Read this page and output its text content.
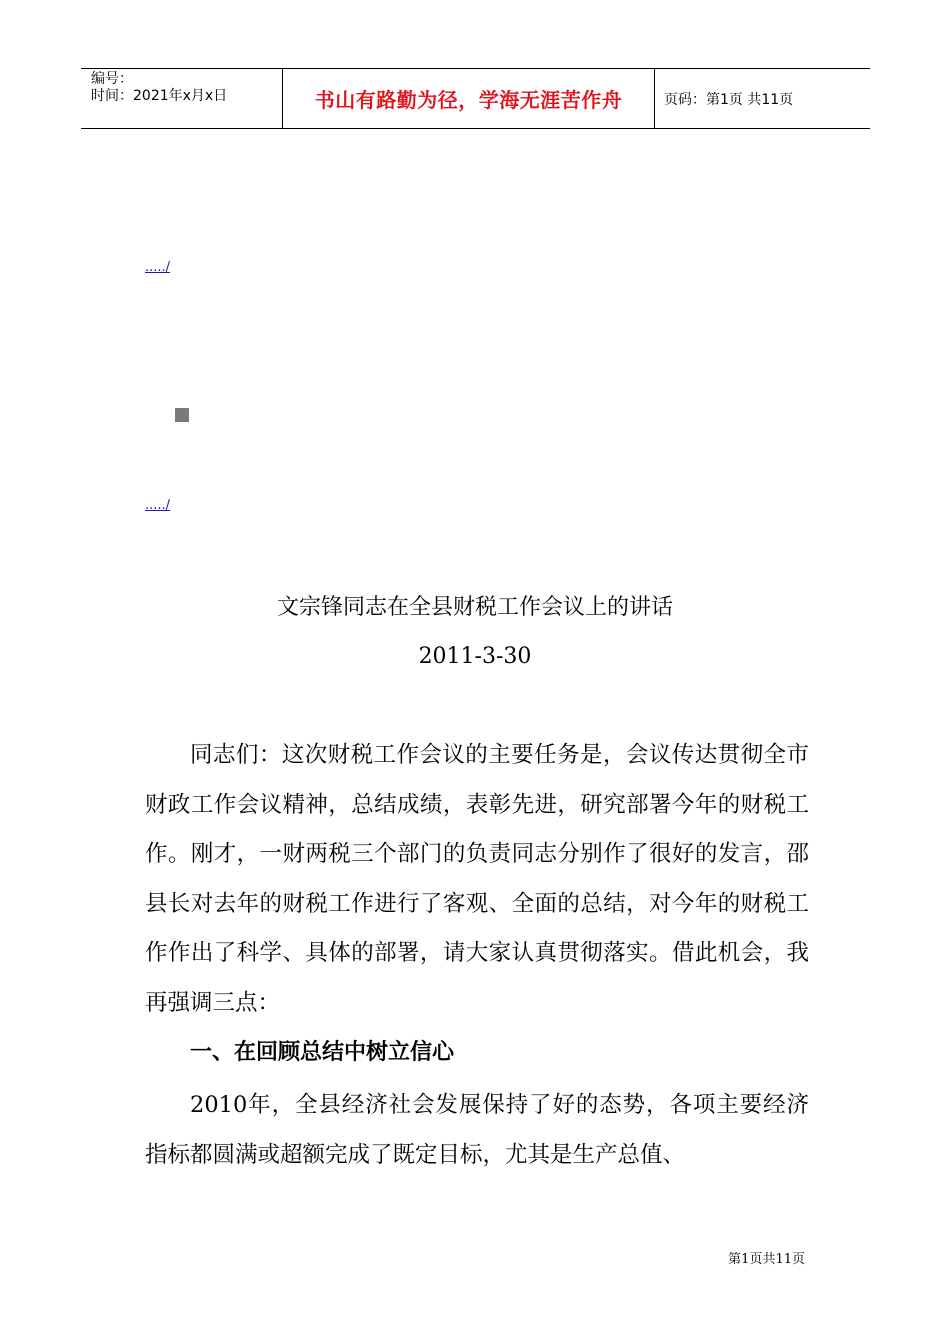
编号：
时间：2021年x月x日	书山有路勤为径，学海无涯苦作舟	页码：第1页 共11页
...../
...../
文宗锋同志在全县财税工作会议上的讲话
2011-3-30
同志们：这次财税工作会议的主要任务是，会议传达贯彻全市财政工作会议精神，总结成绩，表彰先进，研究部署今年的财税工作。刚才，一财两税三个部门的负责同志分别作了很好的发言，邵县长对去年的财税工作进行了客观、全面的总结，对今年的财税工作作出了科学、具体的部署，请大家认真贯彻落实。借此机会，我再强调三点：
一、在回顾总结中树立信心
2010年，全县经济社会发展保持了好的态势，各项主要经济指标都圆满或超额完成了既定目标，尤其是生产总值、
第1页共11页
